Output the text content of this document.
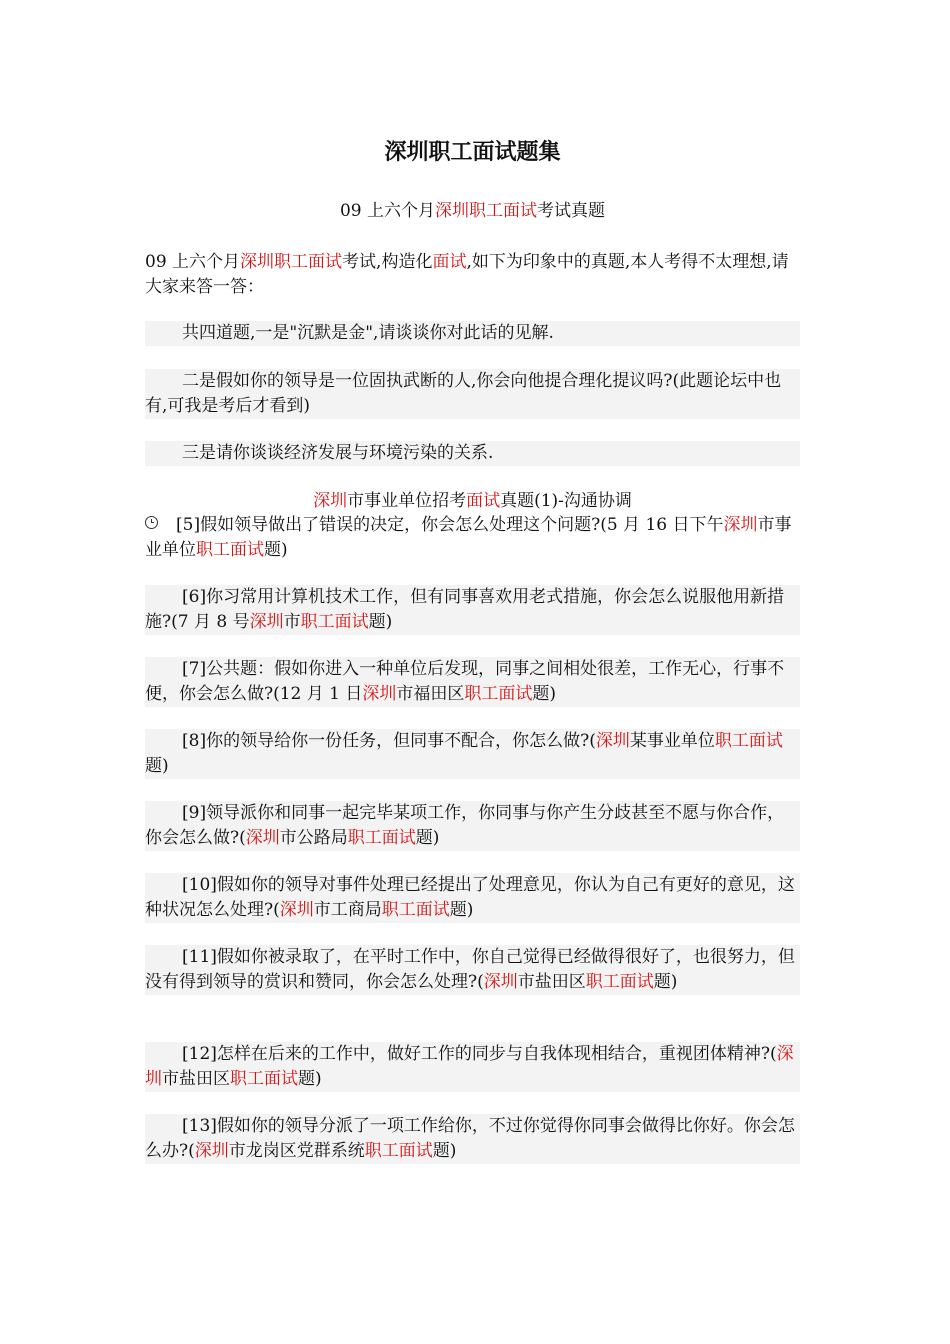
深圳职工面试题集
09 上六个月深圳职工面试考试真题

09 上六个月深圳职工面试考试,构造化面试,如下为印象中的真题,本人考得不太理想,请大家来答一答：

共四道题,一是"沉默是金",请谈谈你对此话的见解.

二是假如你的领导是一位固执武断的人,你会向他提合理化提议吗?(此题论坛中也有,可我是考后才看到)

三是请你谈谈经济发展与环境污染的关系.

深圳市事业单位招考面试真题(1)-沟通协调

[5]假如领导做出了错误的决定，你会怎么处理这个问题?(5 月 16 日下午深圳市事业单位职工面试题)

[6]你习常用计算机技术工作，但有同事喜欢用老式措施，你会怎么说服他用新措施?(7 月 8 号深圳市职工面试题)

[7]公共题：假如你进入一种单位后发现，同事之间相处很差，工作无心，行事不便，你会怎么做?(12 月 1 日深圳市福田区职工面试题)

[8]你的领导给你一份任务，但同事不配合，你怎么做?(深圳某事业单位职工面试题)

[9]领导派你和同事一起完毕某项工作，你同事与你产生分歧甚至不愿与你合作，你会怎么做?(深圳市公路局职工面试题)

[10]假如你的领导对事件处理已经提出了处理意见，你认为自己有更好的意见，这种状况怎么处理?(深圳市工商局职工面试题)

[11]假如你被录取了，在平时工作中，你自己觉得已经做得很好了，也很努力，但没有得到领导的赏识和赞同，你会怎么处理?(深圳市盐田区职工面试题)

[12]怎样在后来的工作中，做好工作的同步与自我体现相结合，重视团体精神?(深圳市盐田区职工面试题)

[13]假如你的领导分派了一项工作给你，不过你觉得你同事会做得比你好。你会怎么办?(深圳市龙岗区党群系统职工面试题)
